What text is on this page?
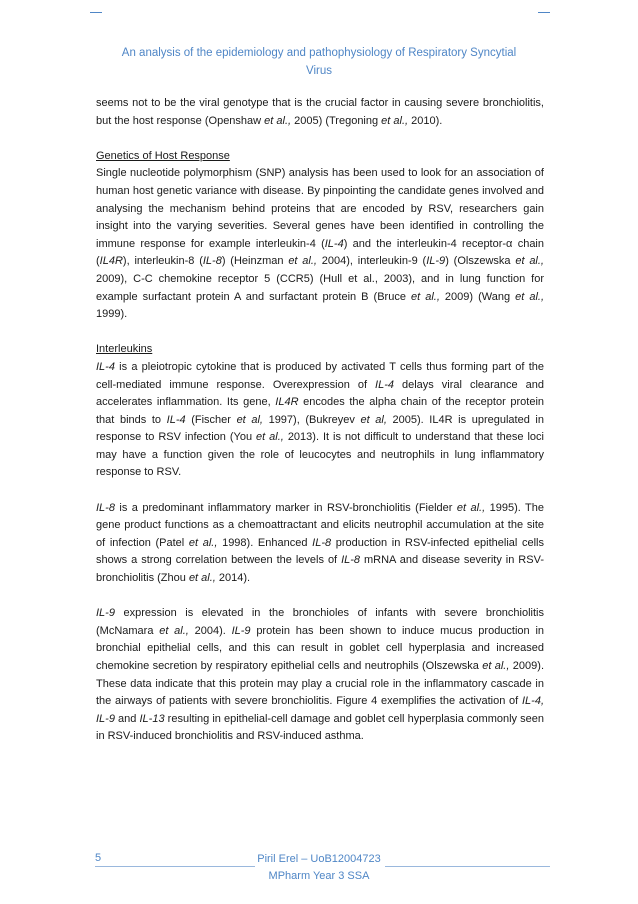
An analysis of the epidemiology and pathophysiology of Respiratory Syncytial
Virus

seems not to be the viral genotype that is the crucial factor in causing severe bronchiolitis, but the host response (Openshaw et al., 2005) (Tregoning et al., 2010).

Genetics of Host Response
Single nucleotide polymorphism (SNP) analysis has been used to look for an association of human host genetic variance with disease. By pinpointing the candidate genes involved and analysing the mechanism behind proteins that are encoded by RSV, researchers gain insight into the varying severities. Several genes have been identified in controlling the immune response for example interleukin-4 (IL-4) and the interleukin-4 receptor-α chain (IL4R), interleukin-8 (IL-8) (Heinzman et al., 2004), interleukin-9 (IL-9) (Olszewska et al., 2009), C-C chemokine receptor 5 (CCR5) (Hull et al., 2003), and in lung function for example surfactant protein A and surfactant protein B (Bruce et al., 2009) (Wang et al., 1999).

Interleukins
IL-4 is a pleiotropic cytokine that is produced by activated T cells thus forming part of the cell-mediated immune response. Overexpression of IL-4 delays viral clearance and accelerates inflammation. Its gene, IL4R encodes the alpha chain of the receptor protein that binds to IL-4 (Fischer et al, 1997), (Bukreyev et al, 2005). IL4R is upregulated in response to RSV infection (You et al., 2013). It is not difficult to understand that these loci may have a function given the role of leucocytes and neutrophils in lung inflammatory response to RSV.

IL-8 is a predominant inflammatory marker in RSV-bronchiolitis (Fielder et al., 1995). The gene product functions as a chemoattractant and elicits neutrophil accumulation at the site of infection (Patel et al., 1998). Enhanced IL-8 production in RSV-infected epithelial cells shows a strong correlation between the levels of IL-8 mRNA and disease severity in RSV-bronchiolitis (Zhou et al., 2014).

IL-9 expression is elevated in the bronchioles of infants with severe bronchiolitis (McNamara et al., 2004). IL-9 protein has been shown to induce mucus production in bronchial epithelial cells, and this can result in goblet cell hyperplasia and increased chemokine secretion by respiratory epithelial cells and neutrophils (Olszewska et al., 2009). These data indicate that this protein may play a crucial role in the inflammatory cascade in the airways of patients with severe bronchiolitis. Figure 4 exemplifies the activation of IL-4, IL-9 and IL-13 resulting in epithelial-cell damage and goblet cell hyperplasia commonly seen in RSV-induced bronchiolitis and RSV-induced asthma.

5	Piril Erel – UoB12004723
MPharm Year 3 SSA
